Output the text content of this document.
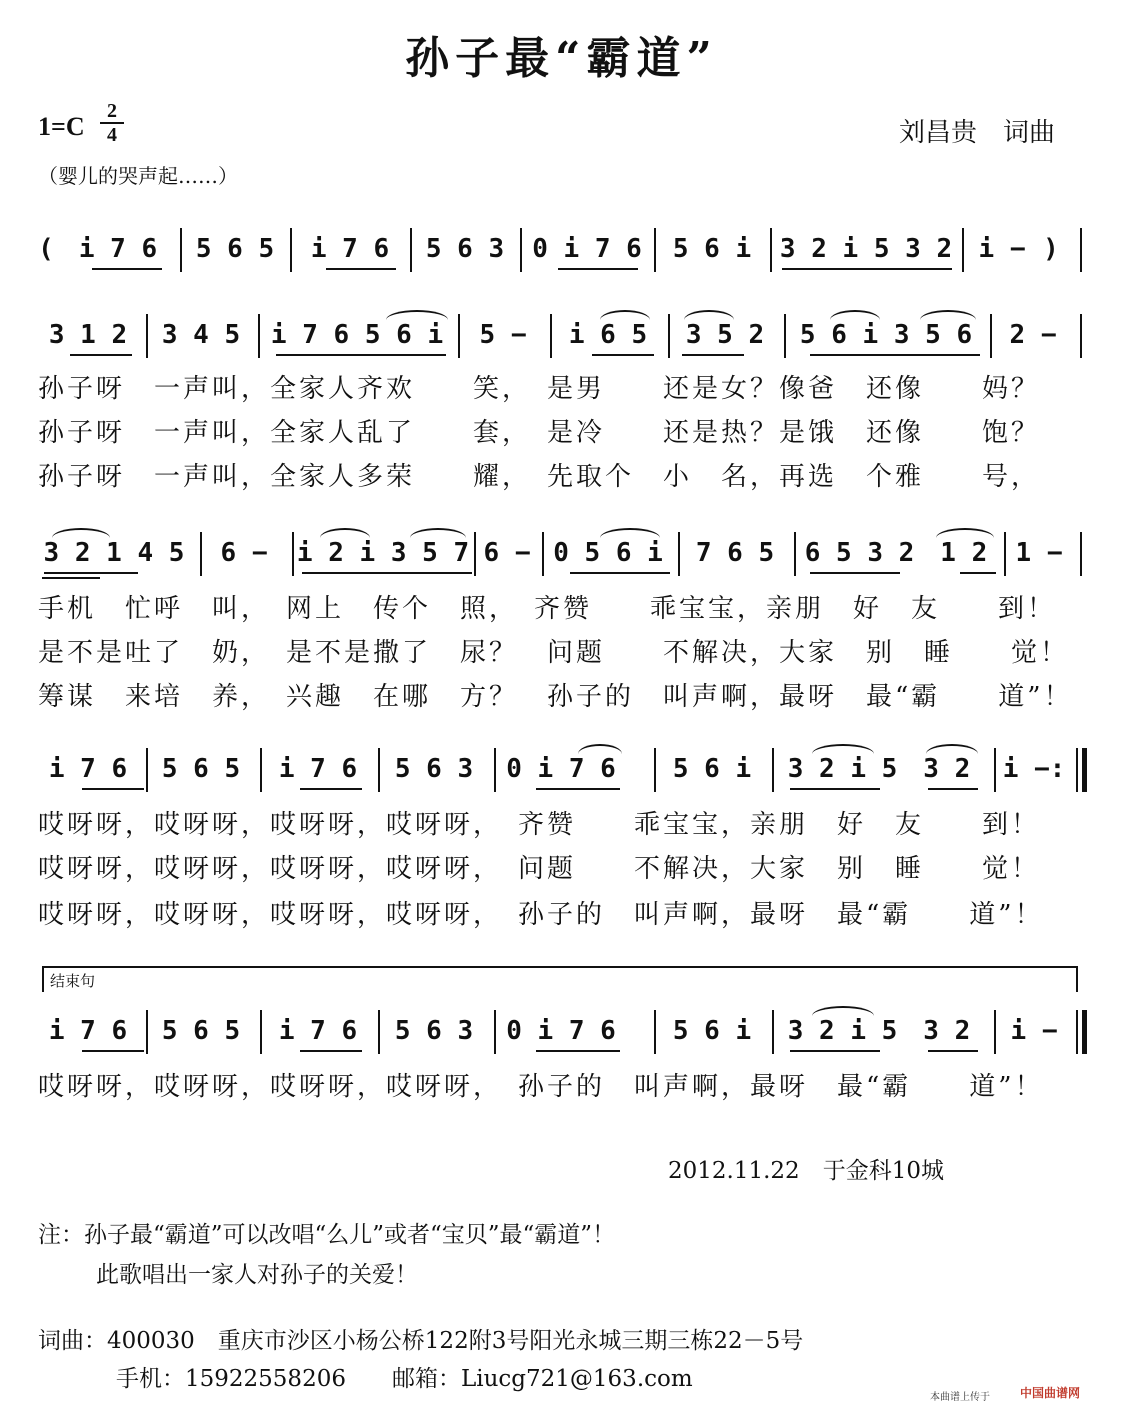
孙子最“霸道”
1=C
2
4	刘昌贵　词曲
（婴儿的哭声起……）
( i 7 6	5 6 5	i 7 6	5 6 3	0 i 7 6	5 6 i	3 2 i 5 3 2	i − )
3 1 2	3 4 5	i 7 6 5 6 i	5 −	i 6 5	3 5 2	5 6 i 3 5 6	2 −
孙子呀　一声叫，全家人齐欢　　笑，　是男　　还是女？像爸　还像　　妈？
孙子呀　一声叫，全家人乱了　　套，　是冷　　还是热？是饿　还像　　饱？
孙子呀　一声叫，全家人多荣　　耀，　先取个　小　名，再选　个雅　　号，
3 2 1 4 5	6 −	i 2 i 3 5 7 6 − 0 5 6 i	7 6 5	6 5 3 2　1 2	1 −
手机　忙呼　叫，　网上　传个　照，　齐赞　　乖宝宝，亲朋　好　友　　到！
是不是吐了　奶，　是不是撒了　尿？　问题　　不解决，大家　别　睡　　觉！
筹谋　来培　养，　兴趣　在哪　方？　孙子的　叫声啊，最呀　最“霸　　道”！
i 7 6	5 6 5	i 7 6	5 6 3	0 i 7 6	5 6 i	3 2 i 5　3 2	i −:
哎呀呀，哎呀呀，哎呀呀，哎呀呀，　齐赞　　乖宝宝，亲朋　好　友　　到！
哎呀呀，哎呀呀，哎呀呀，哎呀呀，　问题　　不解决，大家　别　睡　　觉！
哎呀呀，哎呀呀，哎呀呀，哎呀呀，　孙子的　叫声啊，最呀　最“霸　　道”！
结束句
i 7 6	5 6 5	i 7 6	5 6 3	0 i 7 6	5 6 i	3 2 i 5　3 2	i −
哎呀呀，哎呀呀，哎呀呀，哎呀呀，　孙子的　叫声啊，最呀　最“霸　　道”！
2012.11.22　于金科10城
注：孙子最“霸道”可以改唱“么儿”或者“宝贝”最“霸道”！
此歌唱出一家人对孙子的关爱！
词曲：400030　重庆市沙区小杨公桥122附3号阳光永城三期三栋22－5号
手机：15922558206　　邮箱：Liucg721@163.com
本曲谱上传于	中国曲谱网
